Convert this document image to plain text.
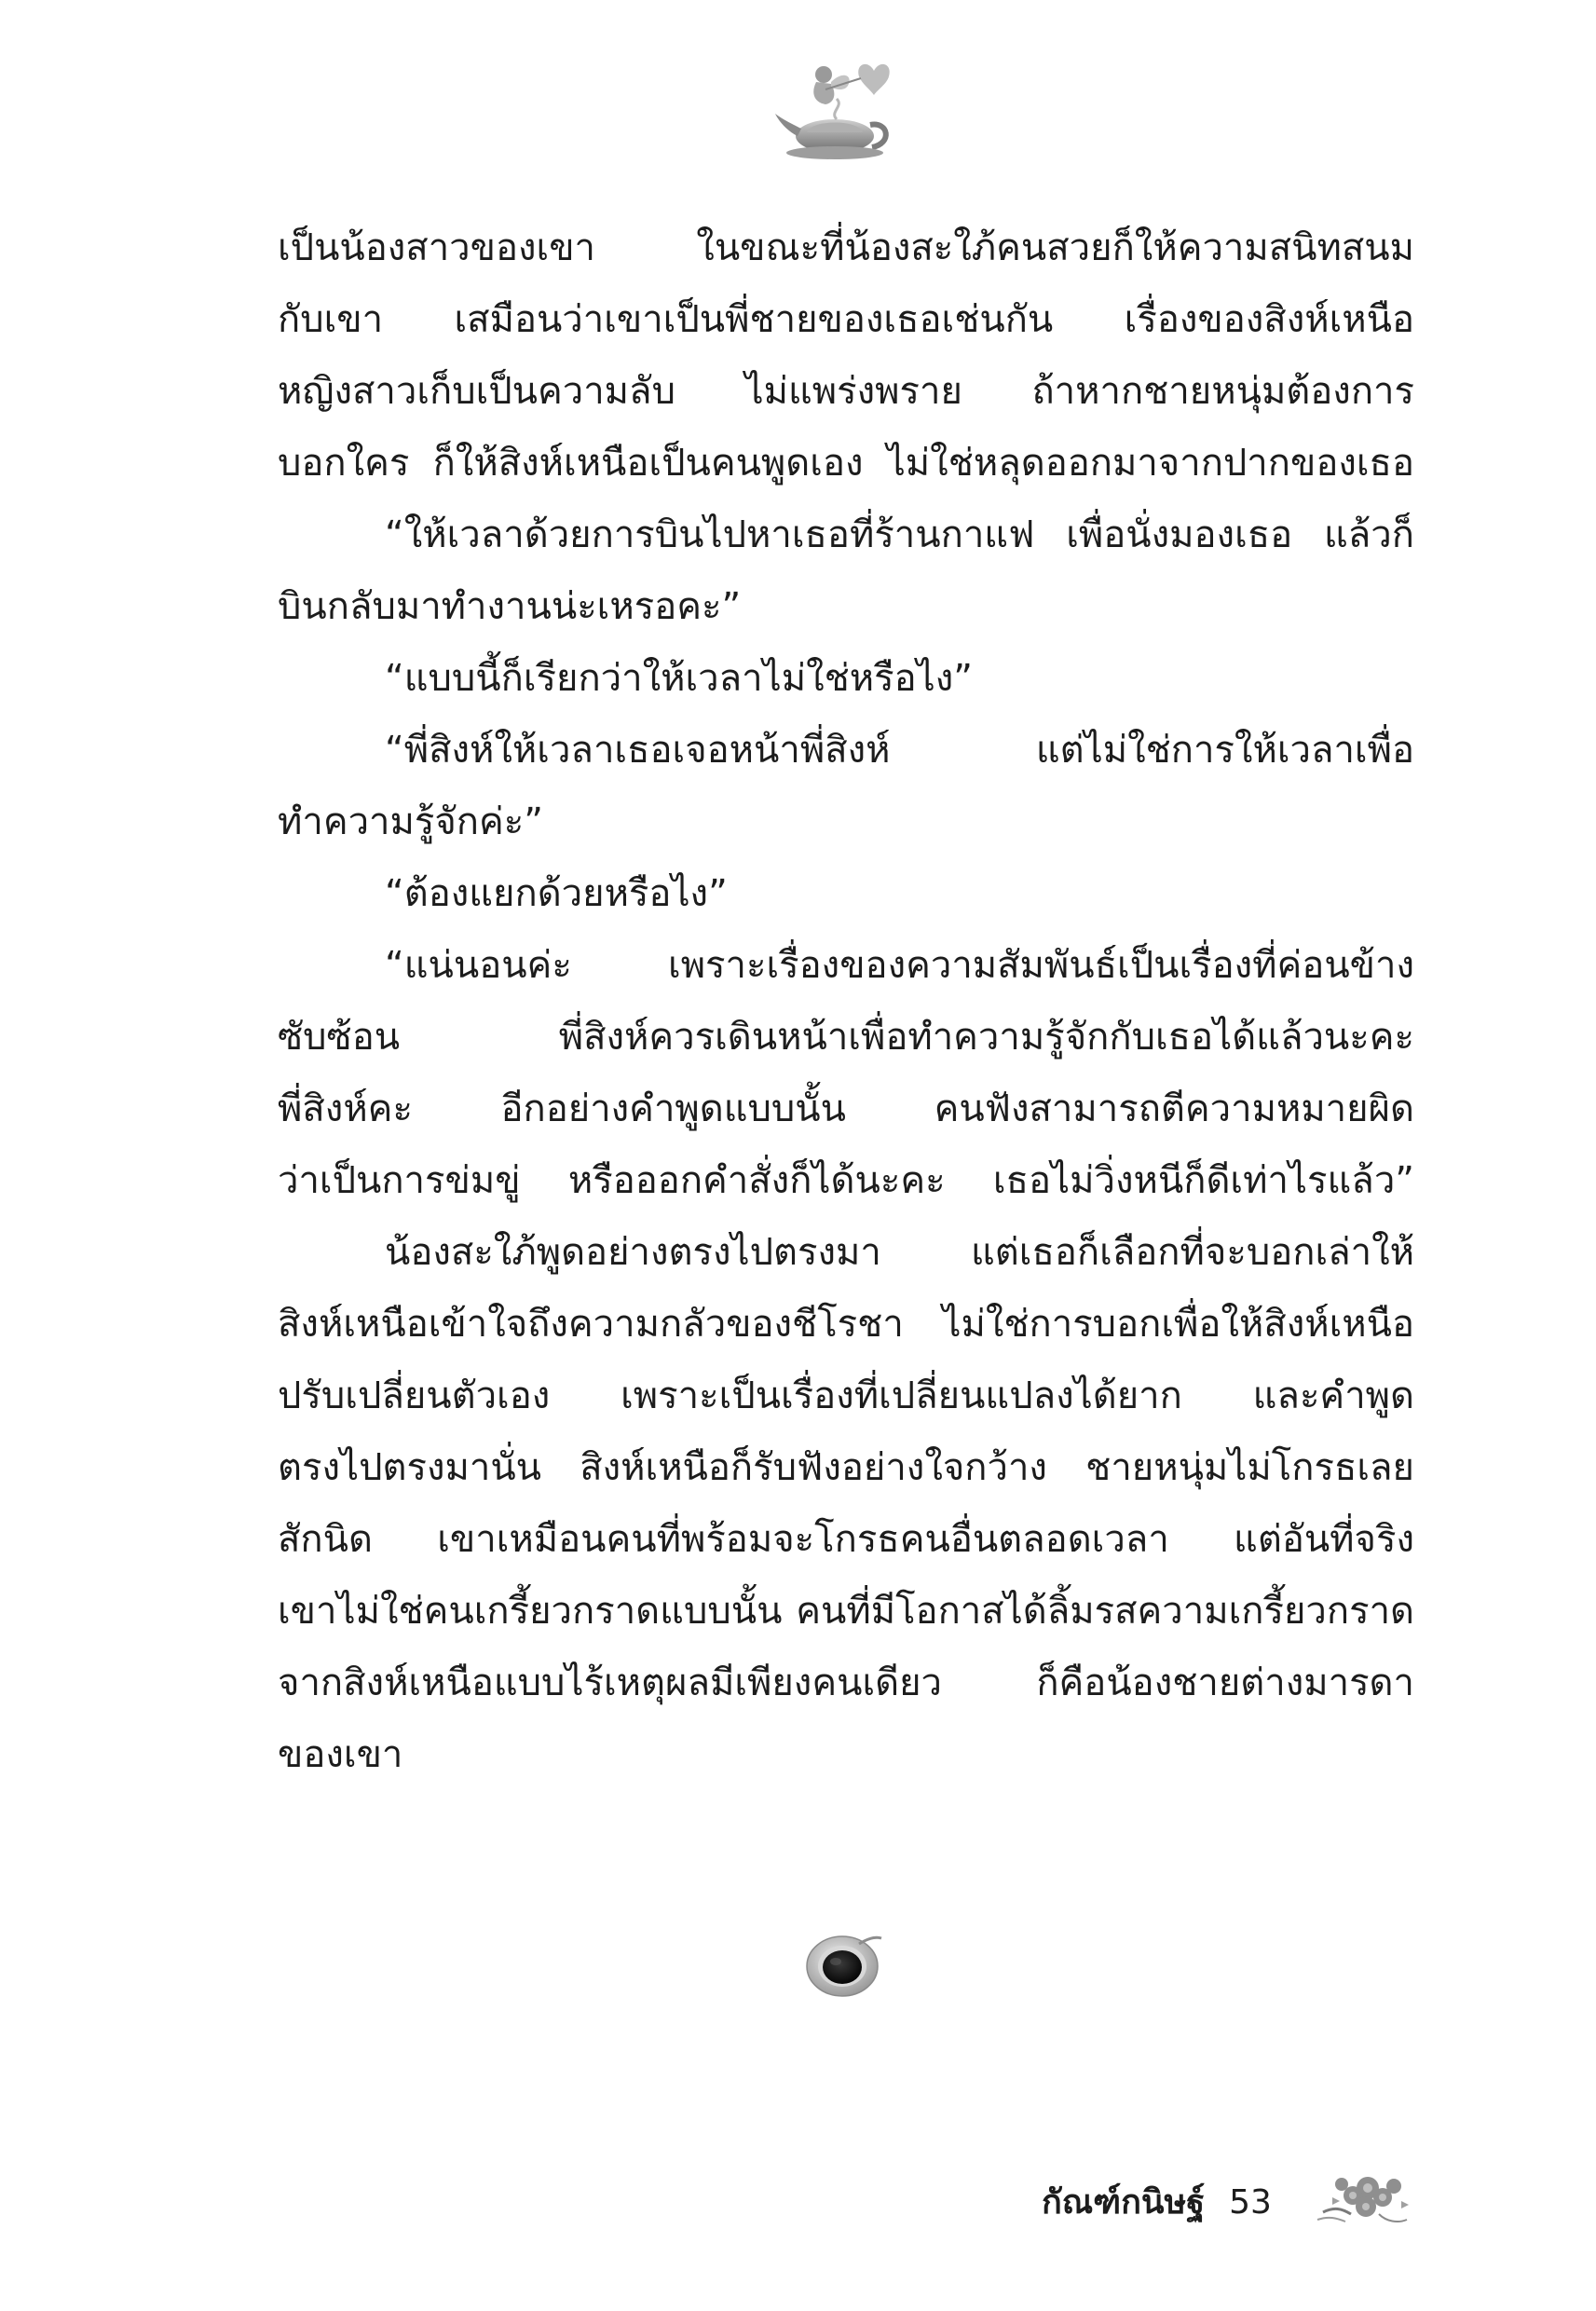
เป็นน้องสาวของเขา ในขณะที่น้องสะใภ้คนสวยก็ให้ความสนิทสนม
กับเขา เสมือนว่าเขาเป็นพี่ชายของเธอเช่นกัน เรื่องของสิงห์เหนือ
หญิงสาวเก็บเป็นความลับ ไม่แพร่งพราย ถ้าหากชายหนุ่มต้องการ
บอกใคร ก็ให้สิงห์เหนือเป็นคนพูดเอง ไม่ใช่หลุดออกมาจากปากของเธอ
“ให้เวลาด้วยการบินไปหาเธอที่ร้านกาแฟ เพื่อนั่งมองเธอ แล้วก็
บินกลับมาทำงานน่ะเหรอคะ”
“แบบนี้ก็เรียกว่าให้เวลาไม่ใช่หรือไง”
“พี่สิงห์ให้เวลาเธอเจอหน้าพี่สิงห์ แต่ไม่ใช่การให้เวลาเพื่อ
ทำความรู้จักค่ะ”
“ต้องแยกด้วยหรือไง”
“แน่นอนค่ะ เพราะเรื่องของความสัมพันธ์เป็นเรื่องที่ค่อนข้าง
ซับซ้อน พี่สิงห์ควรเดินหน้าเพื่อทำความรู้จักกับเธอได้แล้วนะคะ
พี่สิงห์คะ อีกอย่างคำพูดแบบนั้น คนฟังสามารถตีความหมายผิด
ว่าเป็นการข่มขู่ หรือออกคำสั่งก็ได้นะคะ เธอไม่วิ่งหนีก็ดีเท่าไรแล้ว”
น้องสะใภ้พูดอย่างตรงไปตรงมา แต่เธอก็เลือกที่จะบอกเล่าให้
สิงห์เหนือเข้าใจถึงความกลัวของชีโรชา ไม่ใช่การบอกเพื่อให้สิงห์เหนือ
ปรับเปลี่ยนตัวเอง เพราะเป็นเรื่องที่เปลี่ยนแปลงได้ยาก และคำพูด
ตรงไปตรงมานั่น สิงห์เหนือก็รับฟังอย่างใจกว้าง ชายหนุ่มไม่โกรธเลย
สักนิด เขาเหมือนคนที่พร้อมจะโกรธคนอื่นตลอดเวลา แต่อันที่จริง
เขาไม่ใช่คนเกรี้ยวกราดแบบนั้น คนที่มีโอกาสได้ลิ้มรสความเกรี้ยวกราด
จากสิงห์เหนือแบบไร้เหตุผลมีเพียงคนเดียว ก็คือน้องชายต่างมารดา
ของเขา
กัณฑ์กนิษฐ์ 53
